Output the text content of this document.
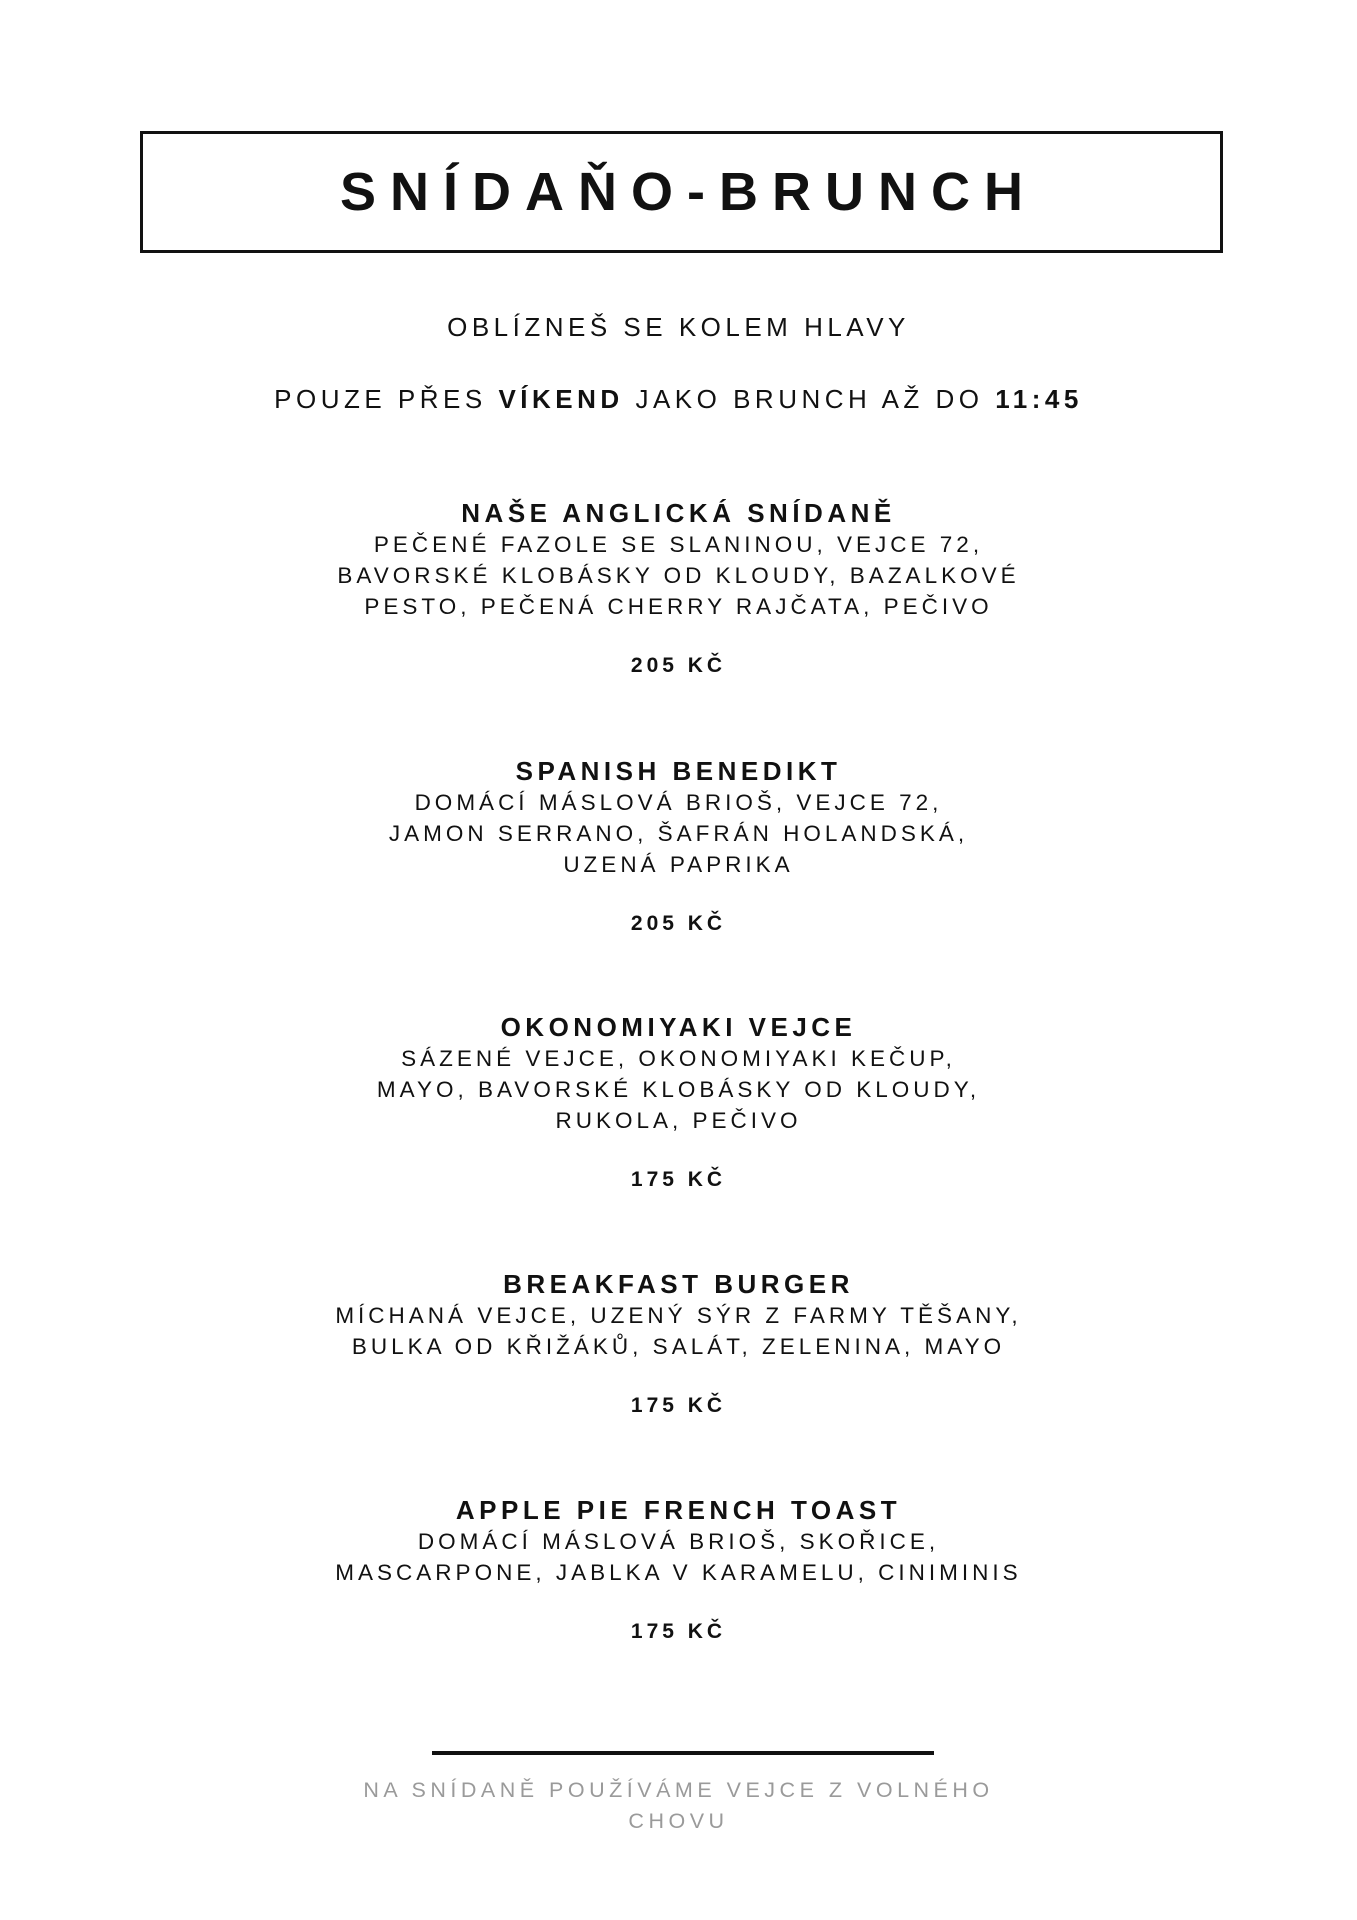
SNÍDAŇO-BRUNCH
OBLÍZNEŠ SE KOLEM HLAVY
POUZE PŘES VÍKEND JAKO BRUNCH AŽ DO 11:45
NAŠE ANGLICKÁ SNÍDANĚ
PEČENÉ FAZOLE SE SLANINOU, VEJCE 72,
BAVORSKÉ KLOBÁSKY OD KLOUDY, BAZALKOVÉ
PESTO, PEČENÁ CHERRY RAJČATA, PEČIVO
205 KČ
SPANISH BENEDIKT
DOMÁCÍ MÁSLOVÁ BRIOŠ, VEJCE 72,
JAMON SERRANO, ŠAFRÁN HOLANDSKÁ,
UZENÁ PAPRIKA
205 KČ
OKONOMIYAKI VEJCE
SÁZENÉ VEJCE, OKONOMIYAKI KEČUP,
MAYO, BAVORSKÉ KLOBÁSKY OD KLOUDY,
RUKOLA, PEČIVO
175 KČ
BREAKFAST BURGER
MÍCHANÁ VEJCE, UZENÝ SÝR Z FARMY TĚŠANY,
BULKA OD KŘIŽÁKŮ, SALÁT, ZELENINA, MAYO
175 KČ
APPLE PIE FRENCH TOAST
DOMÁCÍ MÁSLOVÁ BRIOŠ, SKOŘICE,
MASCARPONE, JABLKA V KARAMELU, CINIMINIS
175 KČ
NA SNÍDANĚ POUŽÍVÁME VEJCE Z VOLNÉHO
CHOVU
